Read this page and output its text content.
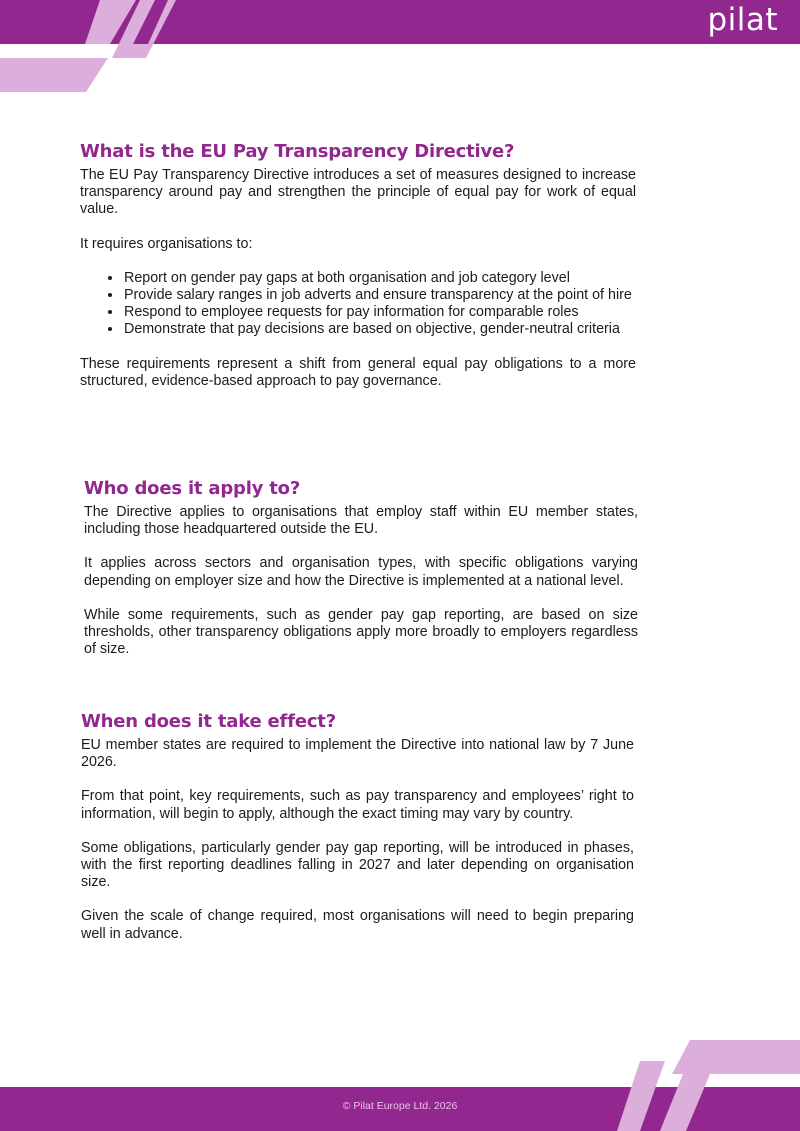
pilat
What is the EU Pay Transparency Directive?

The EU Pay Transparency Directive introduces a set of measures designed to increase transparency around pay and strengthen the principle of equal pay for work of equal value.

It requires organisations to:

• Report on gender pay gaps at both organisation and job category level
• Provide salary ranges in job adverts and ensure transparency at the point of hire
• Respond to employee requests for pay information for comparable roles
• Demonstrate that pay decisions are based on objective, gender-neutral criteria

These requirements represent a shift from general equal pay obligations to a more structured, evidence-based approach to pay governance.

Who does it apply to?

The Directive applies to organisations that employ staff within EU member states, including those headquartered outside the EU.

It applies across sectors and organisation types, with specific obligations varying depending on employer size and how the Directive is implemented at a national level.

While some requirements, such as gender pay gap reporting, are based on size thresholds, other transparency obligations apply more broadly to employers regardless of size.

When does it take effect?

EU member states are required to implement the Directive into national law by 7 June 2026.

From that point, key requirements, such as pay transparency and employees’ right to information, will begin to apply, although the exact timing may vary by country.

Some obligations, particularly gender pay gap reporting, will be introduced in phases, with the first reporting deadlines falling in 2027 and later depending on organisation size.

Given the scale of change required, most organisations will need to begin preparing well in advance.

© Pilat Europe Ltd. 2026
